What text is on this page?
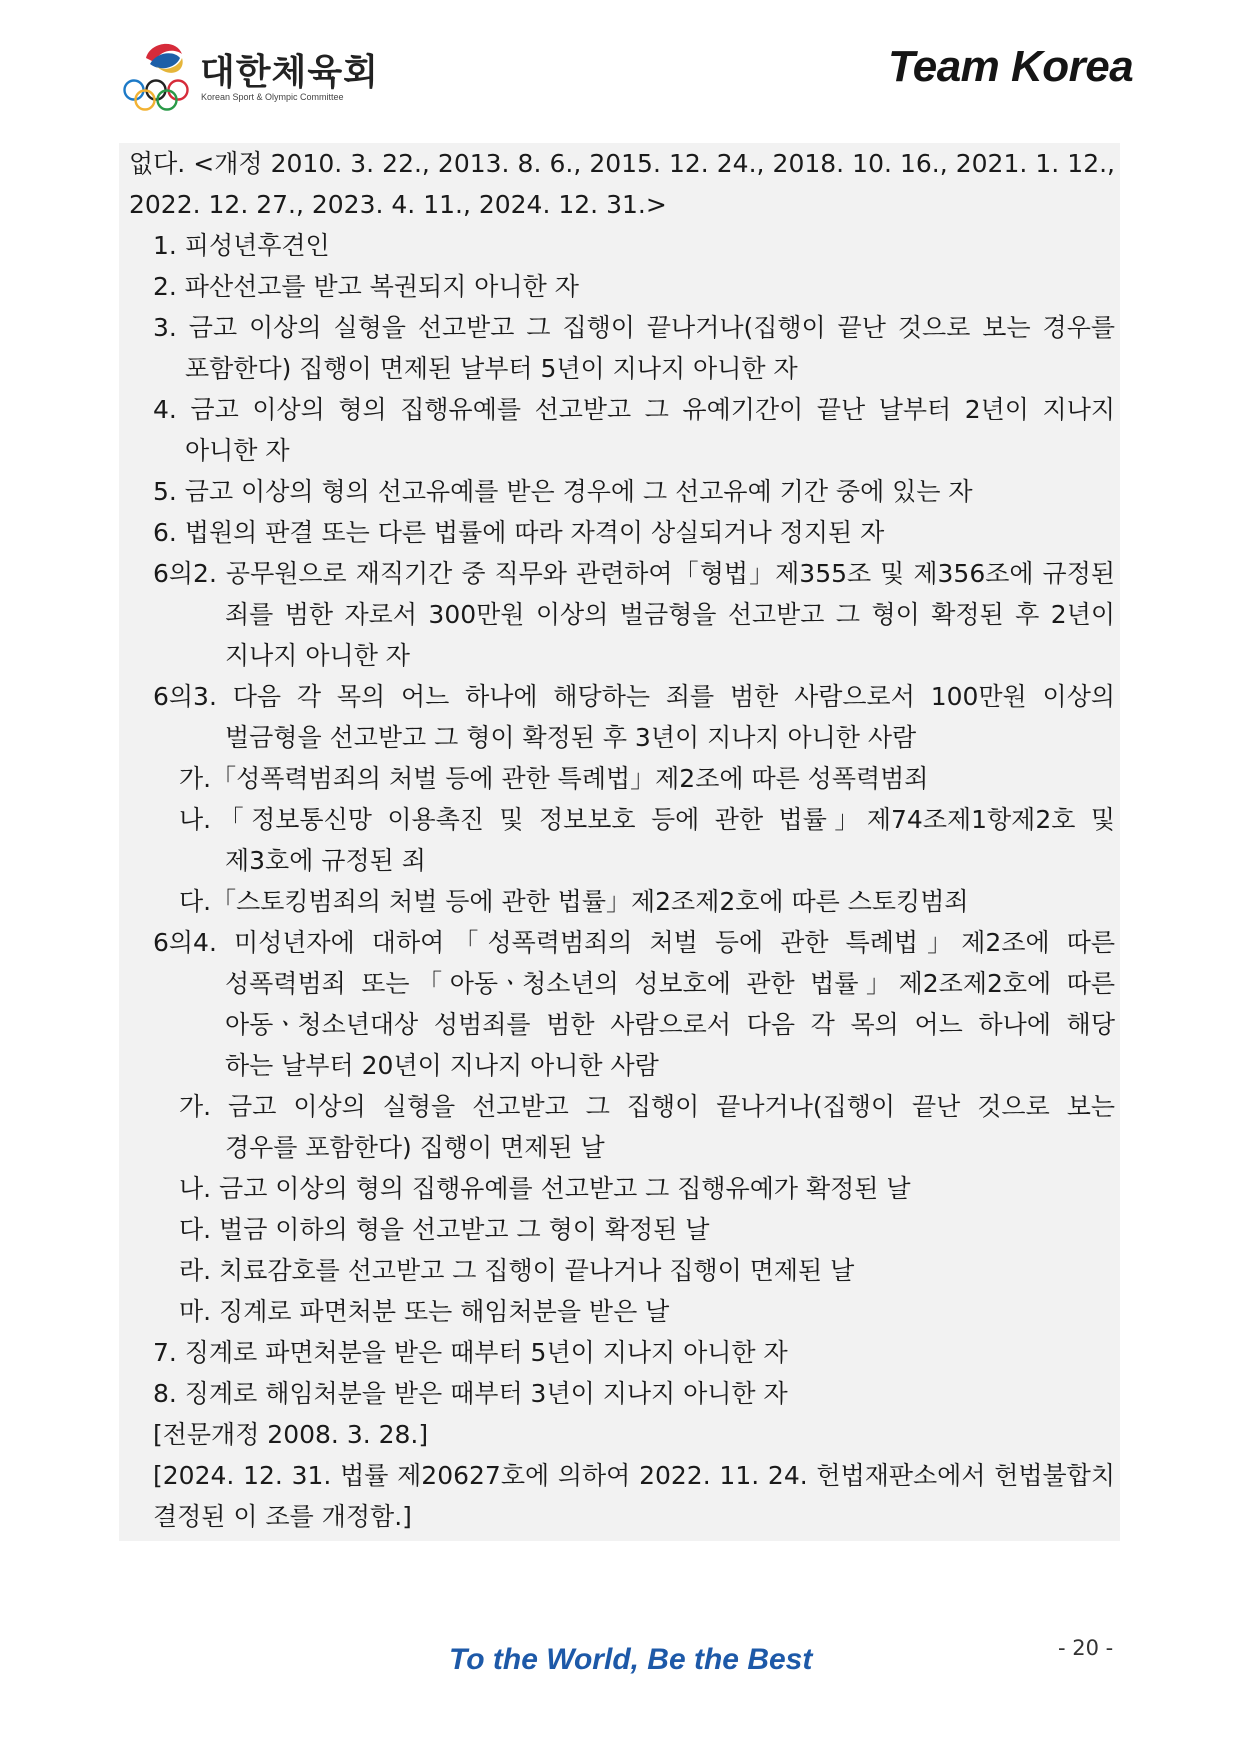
대한체육회
Korean Sport & Olympic Committee
Team Korea
없다. <개정 2010. 3. 22., 2013. 8. 6., 2015. 12. 24., 2018. 10. 16., 2021. 1. 12.,
2022. 12. 27., 2023. 4. 11., 2024. 12. 31.>
1. 피성년후견인
2. 파산선고를 받고 복권되지 아니한 자
3. 금고 이상의 실형을 선고받고 그 집행이 끝나거나(집행이 끝난 것으로 보는 경우를
포함한다) 집행이 면제된 날부터 5년이 지나지 아니한 자
4. 금고 이상의 형의 집행유예를 선고받고 그 유예기간이 끝난 날부터 2년이 지나지
아니한 자
5. 금고 이상의 형의 선고유예를 받은 경우에 그 선고유예 기간 중에 있는 자
6. 법원의 판결 또는 다른 법률에 따라 자격이 상실되거나 정지된 자
6의2. 공무원으로 재직기간 중 직무와 관련하여「형법」제355조 및 제356조에 규정된
죄를 범한 자로서 300만원 이상의 벌금형을 선고받고 그 형이 확정된 후 2년이
지나지 아니한 자
6의3. 다음 각 목의 어느 하나에 해당하는 죄를 범한 사람으로서 100만원 이상의
벌금형을 선고받고 그 형이 확정된 후 3년이 지나지 아니한 사람
가.「성폭력범죄의 처벌 등에 관한 특례법」제2조에 따른 성폭력범죄
나.「정보통신망 이용촉진 및 정보보호 등에 관한 법률」제74조제1항제2호 및
제3호에 규정된 죄
다.「스토킹범죄의 처벌 등에 관한 법률」제2조제2호에 따른 스토킹범죄
6의4. 미성년자에 대하여「성폭력범죄의 처벌 등에 관한 특례법」제2조에 따른
성폭력범죄 또는「아동ㆍ청소년의 성보호에 관한 법률」제2조제2호에 따른
아동ㆍ청소년대상 성범죄를 범한 사람으로서 다음 각 목의 어느 하나에 해당
하는 날부터 20년이 지나지 아니한 사람
가. 금고 이상의 실형을 선고받고 그 집행이 끝나거나(집행이 끝난 것으로 보는
경우를 포함한다) 집행이 면제된 날
나. 금고 이상의 형의 집행유예를 선고받고 그 집행유예가 확정된 날
다. 벌금 이하의 형을 선고받고 그 형이 확정된 날
라. 치료감호를 선고받고 그 집행이 끝나거나 집행이 면제된 날
마. 징계로 파면처분 또는 해임처분을 받은 날
7. 징계로 파면처분을 받은 때부터 5년이 지나지 아니한 자
8. 징계로 해임처분을 받은 때부터 3년이 지나지 아니한 자
[전문개정 2008. 3. 28.]
[2024. 12. 31. 법률 제20627호에 의하여 2022. 11. 24. 헌법재판소에서 헌법불합치
결정된 이 조를 개정함.]
To the World, Be the Best	- 20 -
